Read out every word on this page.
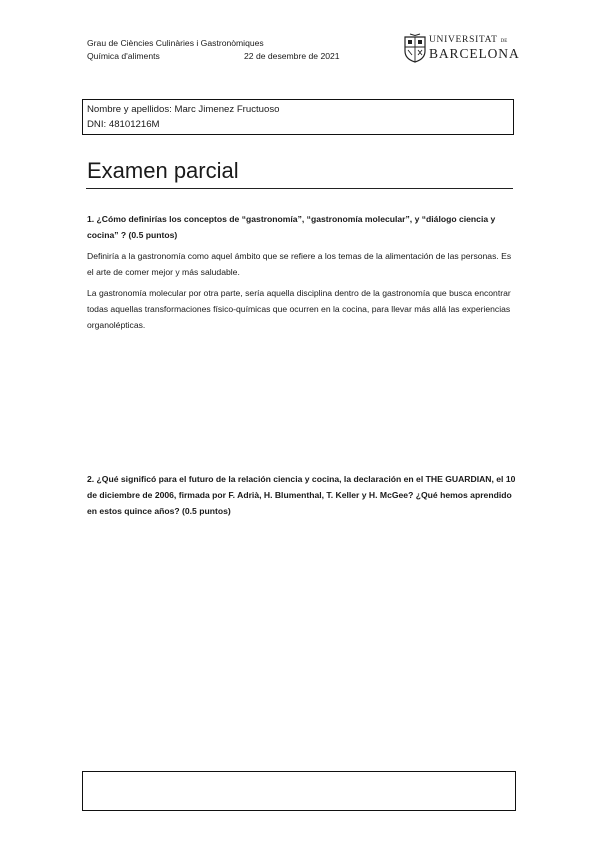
Grau de Ciències Culinàries i Gastronòmiques
Química d'aliments	22 de desembre de 2021
UNIVERSITAT DE
BARCELONA
Nombre y apellidos: Marc Jimenez Fructuoso
DNI: 48101216M
Examen parcial
1. ¿Cómo definirías los conceptos de “gastronomía”, “gastronomía molecular”, y “diálogo ciencia y cocina” ? (0.5 puntos)
Definiría a la gastronomía como aquel ámbito que se refiere a los temas de la alimentación de las personas. Es el arte de comer mejor y más saludable.
La gastronomía molecular por otra parte, sería aquella disciplina dentro de la gastronomía que busca encontrar todas aquellas transformaciones físico-químicas que ocurren en la cocina, para llevar más allá las experiencias organolépticas.
2. ¿Qué significó para el futuro de la relación ciencia y cocina, la declaración en el THE GUARDIAN, el 10 de diciembre de 2006, firmada por F. Adrià, H. Blumenthal, T. Keller y H. McGee? ¿Qué hemos aprendido en estos quince años? (0.5 puntos)
